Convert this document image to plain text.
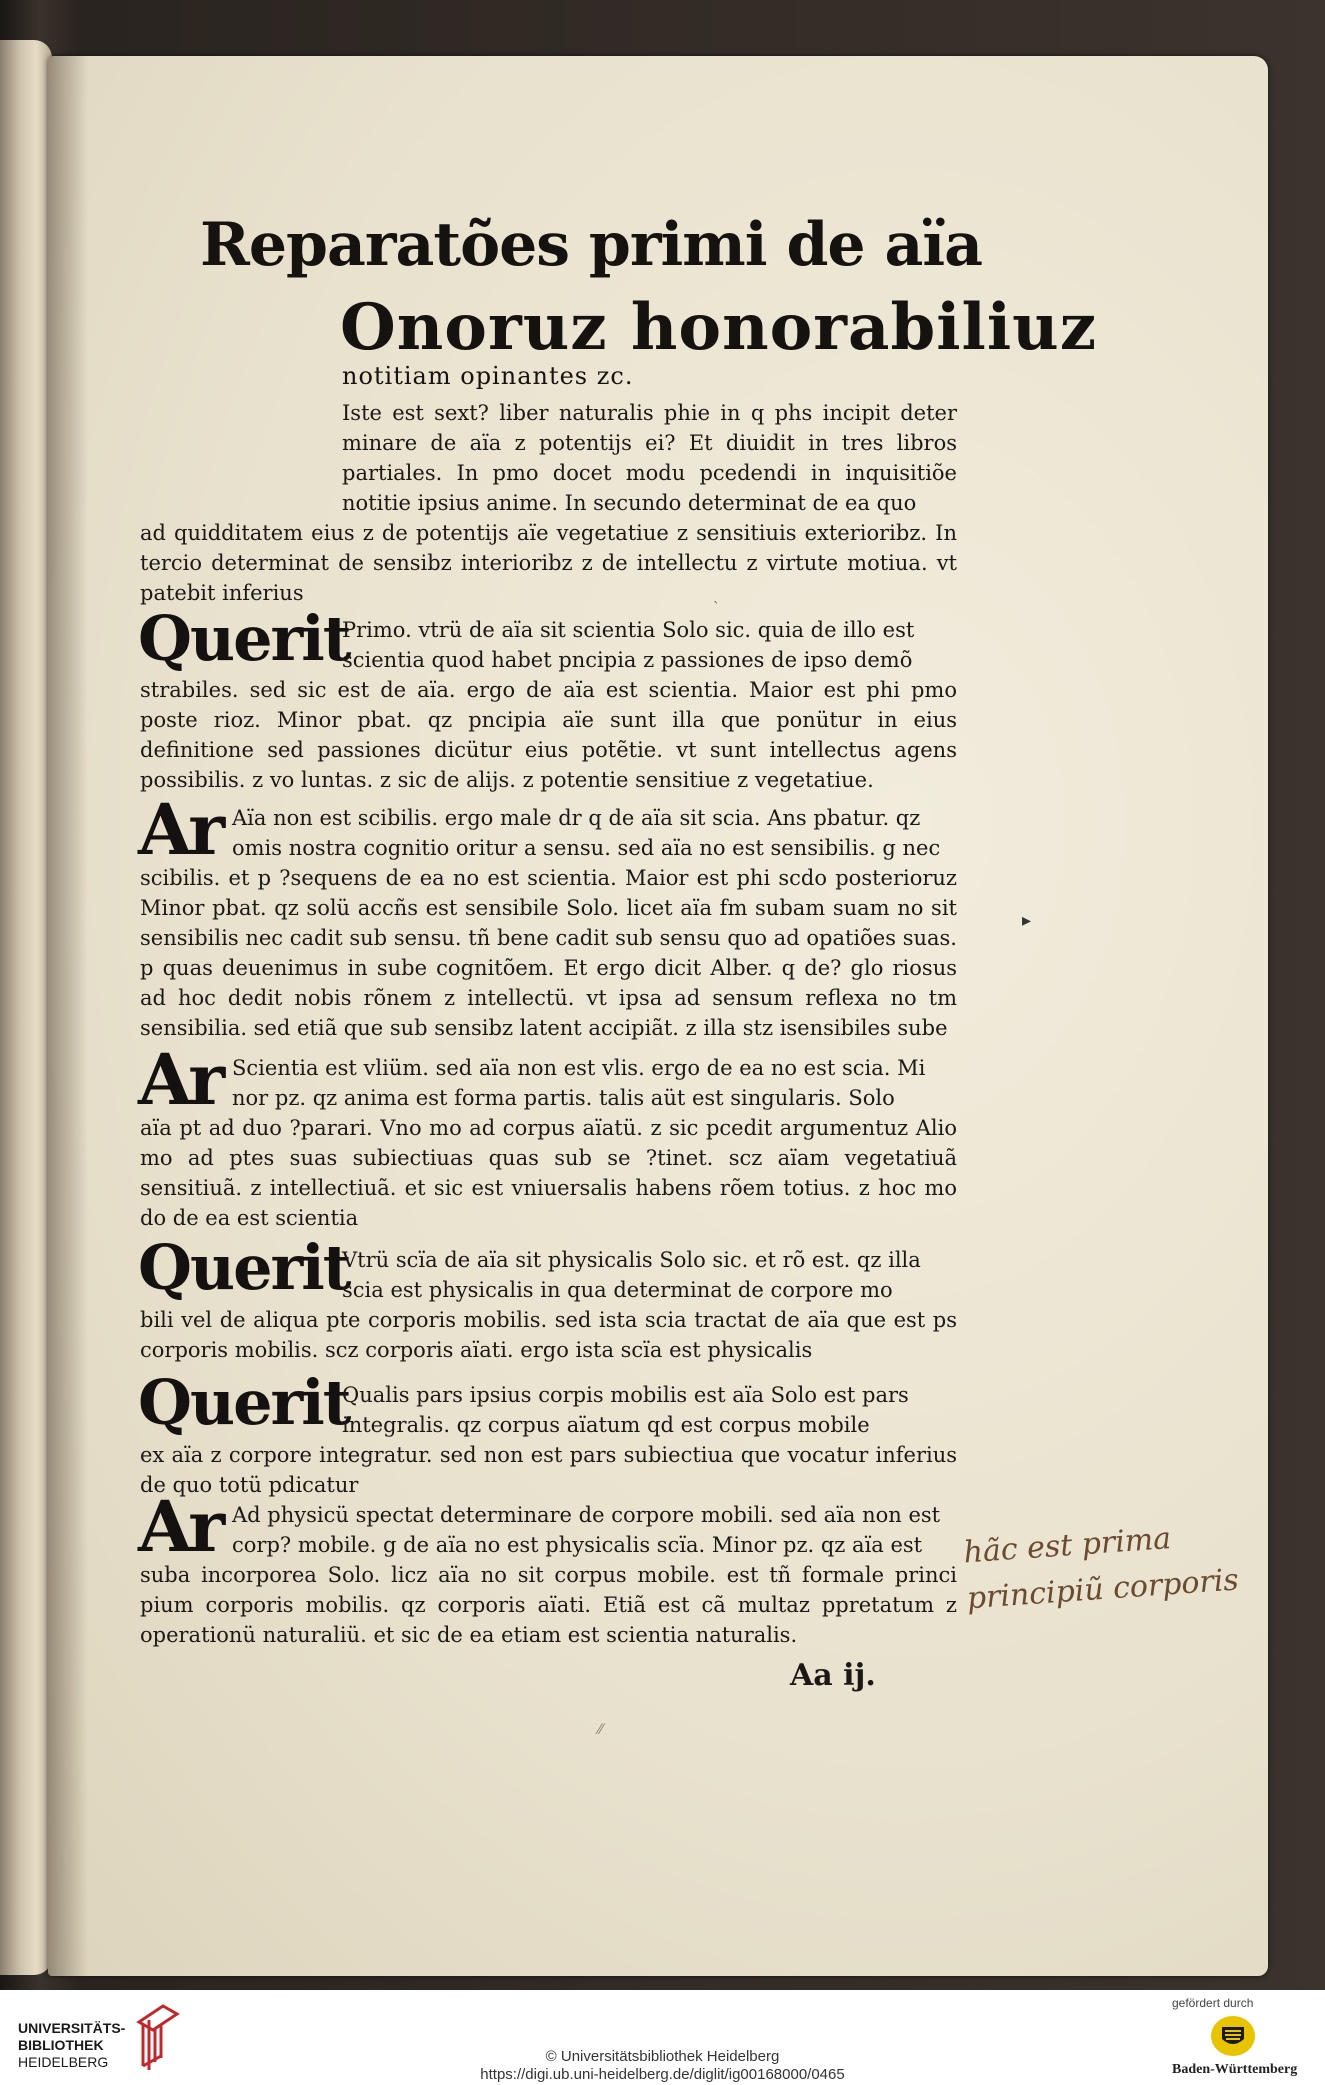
Reparatões primi de aïa
Onoruz honorabiliuz
notitiam opinantes zc.
Iste est sext? liber naturalis phie in q phs incipit deter minare de aïa z potentijs ei? Et diuidit in tres libros partiales. In pmo docet modu pcedendi in inquisitiõe notitie ipsius anime. In secundo determinat de ea quo
ad quidditatem eius z de potentijs aïe vegetatiue z sensitiuis exterioribz. In tercio determinat de sensibz interioribz z de intellectu z virtute motiua. vt patebit inferius
Querit
Primo. vtrü de aïa sit scientia Solo sic. quia de illo est scientia quod habet pncipia z passiones de ipso demõ
strabiles. sed sic est de aïa. ergo de aïa est scientia. Maior est phi pmo poste rioz. Minor pbat. qz pncipia aïe sunt illa que ponütur in eius definitione sed passiones dicütur eius potẽtie. vt sunt intellectus agens possibilis. z vo luntas. z sic de alijs. z potentie sensitiue z vegetatiue.
Ar Aïa non est scibilis. ergo male dr q de aïa sit scia. Ans pbatur. qz omis nostra cognitio oritur a sensu. sed aïa no est sensibilis. g nec
scibilis. et p ?sequens de ea no est scientia. Maior est phi scdo posterioruz Minor pbat. qz solü accñs est sensibile Solo. licet aïa fm subam suam no sit sensibilis nec cadit sub sensu. tñ bene cadit sub sensu quo ad opatiões suas. p quas deuenimus in sube cognitõem. Et ergo dicit Alber. q de? glo riosus ad hoc dedit nobis rõnem z intellectü. vt ipsa ad sensum reflexa no tm sensibilia. sed etiã que sub sensibz latent accipiãt. z illa stz isensibiles sube
Ar Scientia est vliüm. sed aïa non est vlis. ergo de ea no est scia. Mi nor pz. qz anima est forma partis. talis aüt est singularis. Solo
aïa pt ad duo ?parari. Vno mo ad corpus aïatü. z sic pcedit argumentuz Alio mo ad ptes suas subiectiuas quas sub se ?tinet. scz aïam vegetatiuã sensitiuã. z intellectiuã. et sic est vniuersalis habens rõem totius. z hoc mo do de ea est scientia
Querit
Vtrü scïa de aïa sit physicalis Solo sic. et rõ est. qz illa scia est physicalis in qua determinat de corpore mo
bili vel de aliqua pte corporis mobilis. sed ista scia tractat de aïa que est ps corporis mobilis. scz corporis aïati. ergo ista scïa est physicalis
Querit
Qualis pars ipsius corpis mobilis est aïa Solo est pars integralis. qz corpus aïatum qd est corpus mobile
ex aïa z corpore integratur. sed non est pars subiectiua que vocatur inferius de quo totü pdicatur
Ar Ad physicü spectat determinare de corpore mobili. sed aïa non est corp? mobile. g de aïa no est physicalis scïa. Minor pz. qz aïa est
suba incorporea Solo. licz aïa no sit corpus mobile. est tñ formale princi pium corporis mobilis. qz corporis aïati. Etiã est cã multaz ppretatum z operationü naturaliü. et sic de ea etiam est scientia naturalis.
hãc est prima principiũ corporis
Aa ij.
⁄⁄
`
▸
UNIVERSITÄTS-
BIBLIOTHEK
HEIDELBERG	© Universitätsbibliothek Heidelberg
https://digi.ub.uni-heidelberg.de/diglit/ig00168000/0465
gefördert durch
Baden-Württemberg
